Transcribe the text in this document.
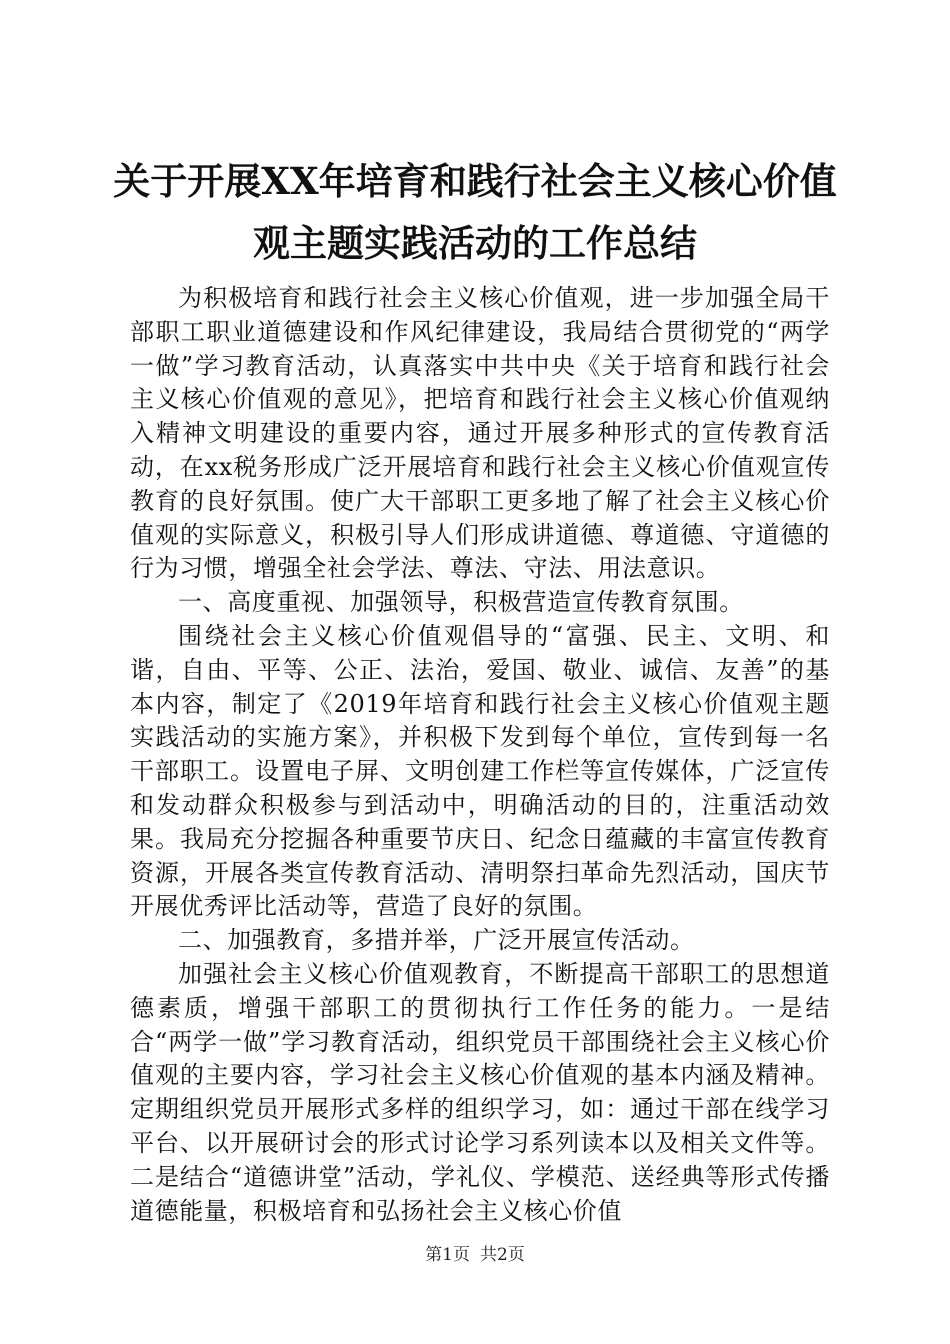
关于开展XX年培育和践行社会主义核心价值
观主题实践活动的工作总结

为积极培育和践行社会主义核心价值观，进一步加强全局干部职工职业道德建设和作风纪律建设，我局结合贯彻党的“两学一做”学习教育活动，认真落实中共中央《关于培育和践行社会主义核心价值观的意见》，把培育和践行社会主义核心价值观纳入精神文明建设的重要内容，通过开展多种形式的宣传教育活动，在xx税务形成广泛开展培育和践行社会主义核心价值观宣传教育的良好氛围。使广大干部职工更多地了解了社会主义核心价值观的实际意义，积极引导人们形成讲道德、尊道德、守道德的行为习惯，增强全社会学法、尊法、守法、用法意识。

一、高度重视、加强领导，积极营造宣传教育氛围。

围绕社会主义核心价值观倡导的“富强、民主、文明、和谐，自由、平等、公正、法治，爱国、敬业、诚信、友善”的基本内容，制定了《2019年培育和践行社会主义核心价值观主题实践活动的实施方案》，并积极下发到每个单位，宣传到每一名干部职工。设置电子屏、文明创建工作栏等宣传媒体，广泛宣传和发动群众积极参与到活动中，明确活动的目的，注重活动效果。我局充分挖掘各种重要节庆日、纪念日蕴藏的丰富宣传教育资源，开展各类宣传教育活动、清明祭扫革命先烈活动，国庆节开展优秀评比活动等，营造了良好的氛围。

二、加强教育，多措并举，广泛开展宣传活动。

加强社会主义核心价值观教育，不断提高干部职工的思想道德素质，增强干部职工的贯彻执行工作任务的能力。一是结合“两学一做”学习教育活动，组织党员干部围绕社会主义核心价值观的主要内容，学习社会主义核心价值观的基本内涵及精神。定期组织党员开展形式多样的组织学习，如：通过干部在线学习平台、以开展研讨会的形式讨论学习系列读本以及相关文件等。二是结合“道德讲堂”活动，学礼仪、学模范、送经典等形式传播道德能量，积极培育和弘扬社会主义核心价值

第1页 共2页
